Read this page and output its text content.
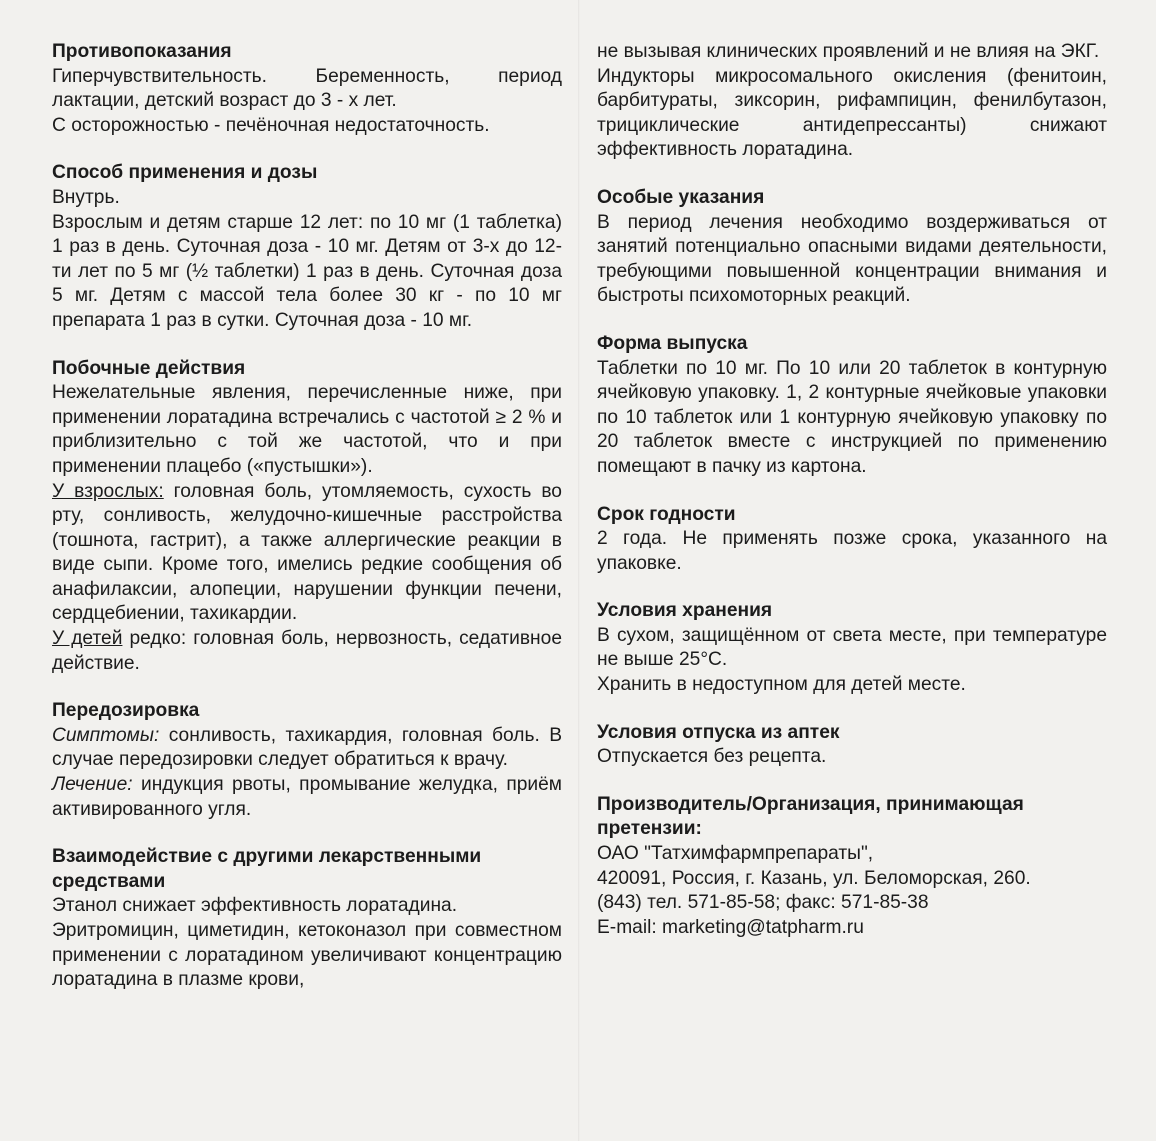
Противопоказания

Гиперчувствительность. Беременность, период лактации, детский возраст до 3 - х лет.

С осторожностью - печёночная недостаточность.

Способ применения и дозы

Внутрь.

Взрослым и детям старше 12 лет: по 10 мг (1 таблетка) 1 раз в день. Суточная доза - 10 мг. Детям от 3-х до 12-ти лет по 5 мг (½ таблетки) 1 раз в день. Суточная доза 5 мг. Детям с массой тела более 30 кг - по 10 мг препарата 1 раз в сутки. Суточная доза - 10 мг.

Побочные действия

Нежелательные явления, перечисленные ниже, при применении лоратадина встречались с частотой ≥ 2 % и приблизительно с той же частотой, что и при применении плацебо («пустышки»).

У взрослых: головная боль, утомляемость, сухость во рту, сонливость, желудочно-кишечные расстройства (тошнота, гастрит), а также аллергические реакции в виде сыпи. Кроме того, имелись редкие сообщения об анафилаксии, алопеции, нарушении функции печени, сердцебиении, тахикардии.

У детей редко: головная боль, нервозность, седативное действие.

Передозировка

Симптомы: сонливость, тахикардия, головная боль. В случае передозировки следует обратиться к врачу.

Лечение: индукция рвоты, промывание желудка, приём активированного угля.

Взаимодействие с другими лекарственными средствами

Этанол снижает эффективность лоратадина.

Эритромицин, циметидин, кетоконазол при совместном применении с лоратадином увеличивают концентрацию лоратадина в плазме крови,

не вызывая клинических проявлений и не влияя на ЭКГ.

Индукторы микросомального окисления (фенитоин, барбитураты, зиксорин, рифампицин, фенилбутазон, трициклические антидепрессанты) снижают эффективность лоратадина.

Особые указания

В период лечения необходимо воздерживаться от занятий потенциально опасными видами деятельности, требующими повышенной концентрации внимания и быстроты психомоторных реакций.

Форма выпуска

Таблетки по 10 мг. По 10 или 20 таблеток в контурную ячейковую упаковку. 1, 2 контурные ячейковые упаковки по 10 таблеток или 1 контурную ячейковую упаковку по 20 таблеток вместе с инструкцией по применению помещают в пачку из картона.

Срок годности

2 года. Не применять позже срока, указанного на упаковке.

Условия хранения

В сухом, защищённом от света месте, при температуре не выше 25°С.

Хранить в недоступном для детей месте.

Условия отпуска из аптек

Отпускается без рецепта.

Производитель/Организация, принимающая претензии:

ОАО "Татхимфармпрепараты",

420091, Россия, г. Казань, ул. Беломорская, 260.

(843) тел. 571-85-58; факс: 571-85-38

E-mail: marketing@tatpharm.ru
